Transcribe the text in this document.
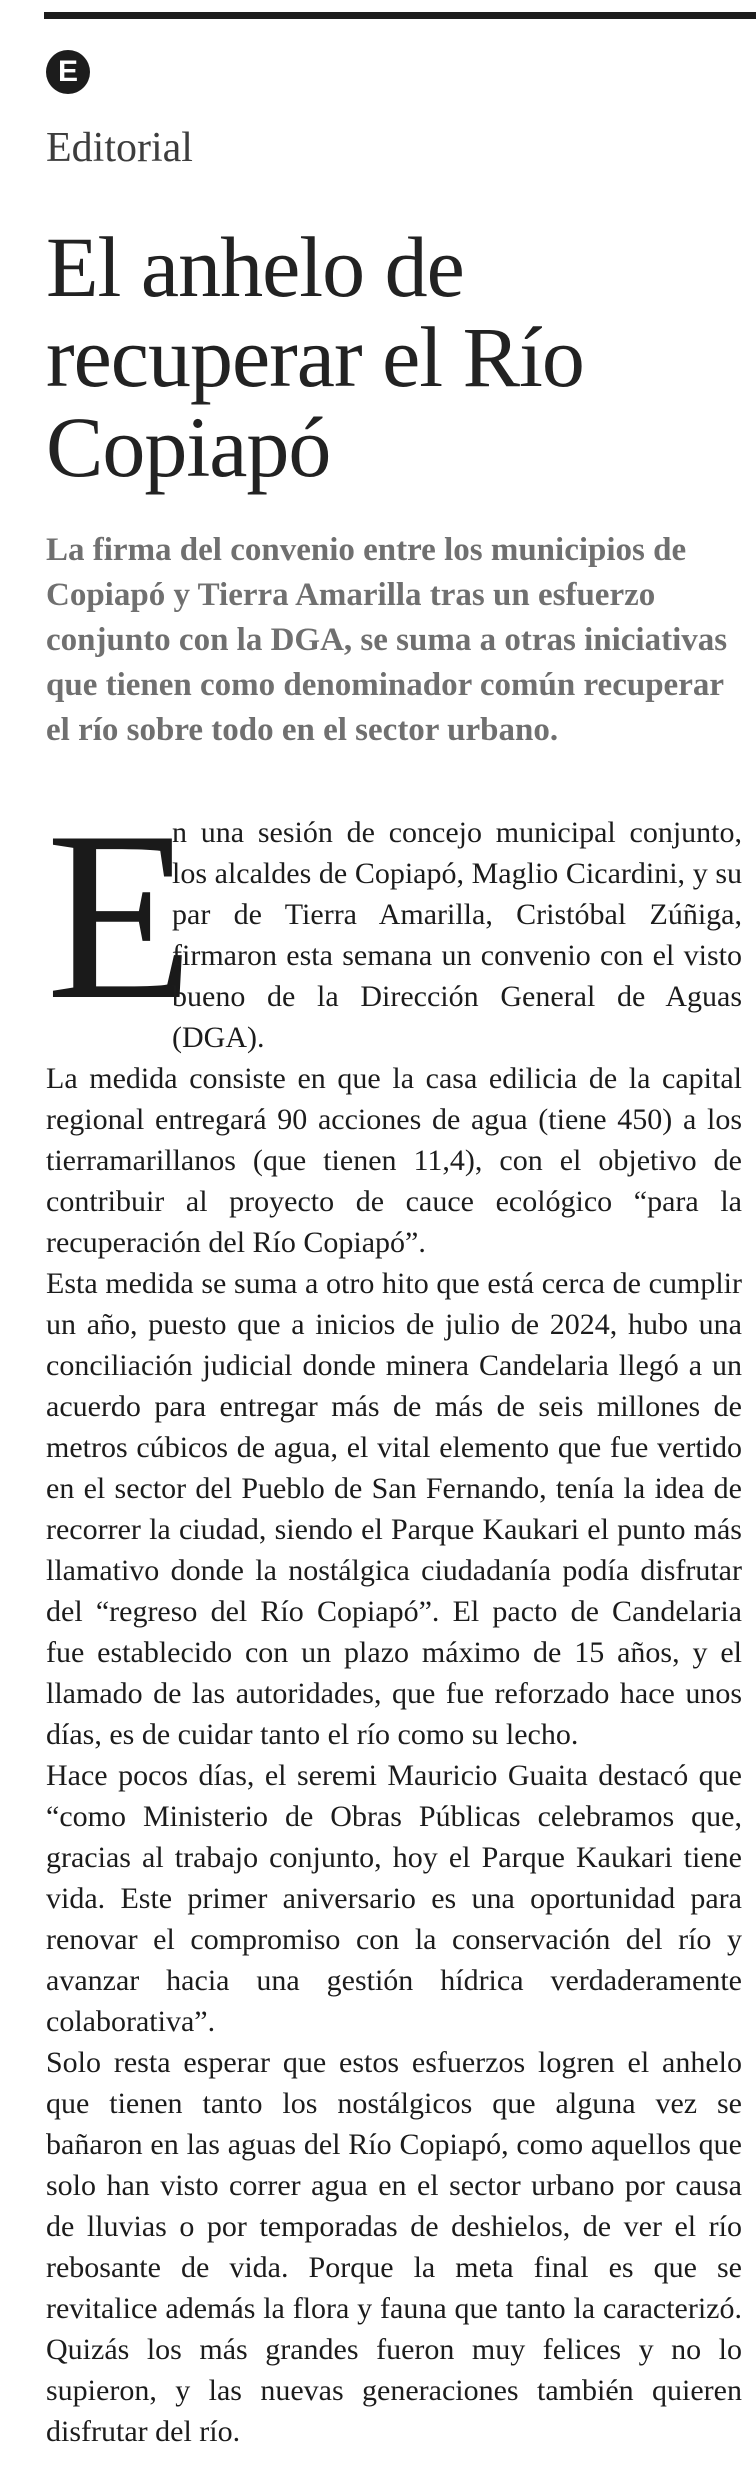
E
Editorial
El anhelo de recuperar el Río Copiapó

La firma del convenio entre los municipios de Copiapó y Tierra Amarilla tras un esfuerzo conjunto con la DGA, se suma a otras iniciativas que tienen como denominador común recuperar el río sobre todo en el sector urbano.

E
n una sesión de concejo municipal conjunto, los alcaldes de Copiapó, Maglio Cicardini, y su par de Tierra Amarilla, Cristóbal Zúñiga, firmaron esta semana un convenio con el visto bueno de la Dirección General de Aguas (DGA).

La medida consiste en que la casa edilicia de la capital regional entregará 90 acciones de agua (tiene 450) a los tierramarillanos (que tienen 11,4), con el objetivo de contribuir al proyecto de cauce ecológico “para la recuperación del Río Copiapó”.

Esta medida se suma a otro hito que está cerca de cumplir un año, puesto que a inicios de julio de 2024, hubo una conciliación judicial donde minera Candelaria llegó a un acuerdo para entregar más de más de seis millones de metros cúbicos de agua, el vital elemento que fue vertido en el sector del Pueblo de San Fernando, tenía la idea de recorrer la ciudad, siendo el Parque Kaukari el punto más llamativo donde la nostálgica ciudadanía podía disfrutar del “regreso del Río Copiapó”. El pacto de Candelaria fue establecido con un plazo máximo de 15 años, y el llamado de las autoridades, que fue reforzado hace unos días, es de cuidar tanto el río como su lecho.

Hace pocos días, el seremi Mauricio Guaita destacó que “como Ministerio de Obras Públicas celebramos que, gracias al trabajo conjunto, hoy el Parque Kaukari tiene vida. Este primer aniversario es una oportunidad para renovar el compromiso con la conservación del río y avanzar hacia una gestión hídrica verdaderamente colaborativa”.

Solo resta esperar que estos esfuerzos logren el anhelo que tienen tanto los nostálgicos que alguna vez se bañaron en las aguas del Río Copiapó, como aquellos que solo han visto correr agua en el sector urbano por causa de lluvias o por temporadas de deshielos, de ver el río rebosante de vida. Porque la meta final es que se revitalice además la flora y fauna que tanto la caracterizó. Quizás los más grandes fueron muy felices y no lo supieron, y las nuevas generaciones también quieren disfrutar del río.
